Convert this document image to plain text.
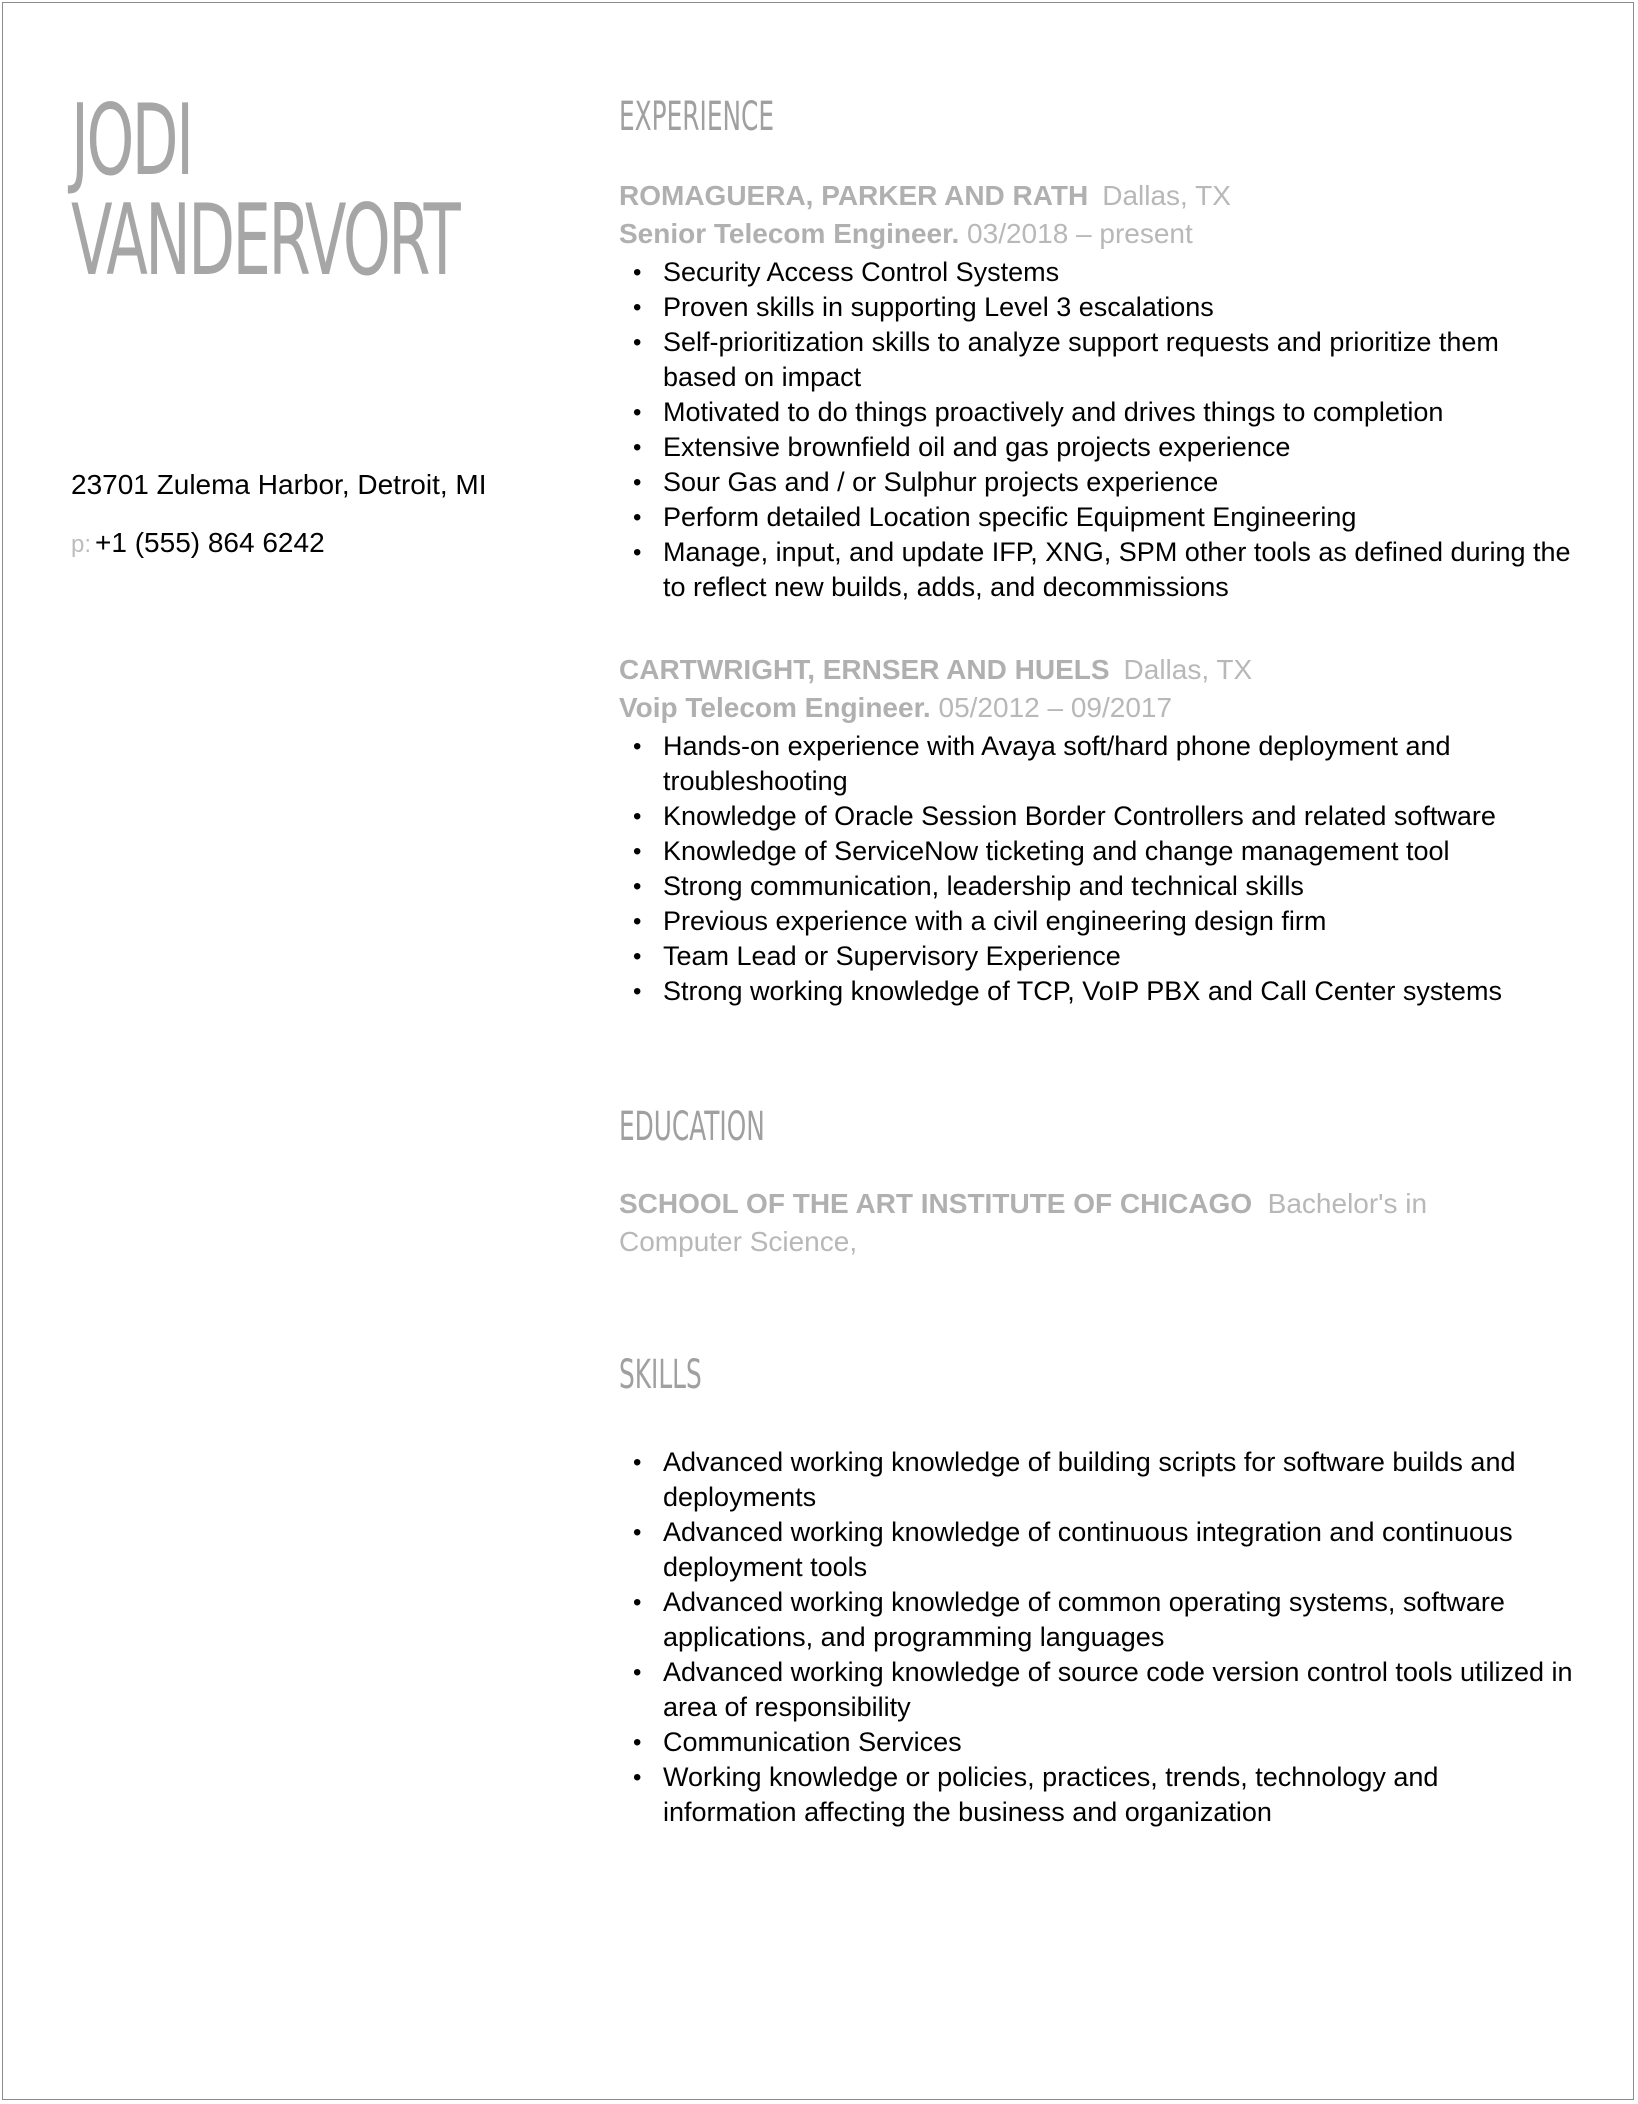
JODI
VANDERVORT
23701 Zulema Harbor, Detroit, MI
p: +1 (555) 864 6242
EXPERIENCE
ROMAGUERA, PARKER AND RATH Dallas, TX
Senior Telecom Engineer. 03/2018 – present
• Security Access Control Systems
• Proven skills in supporting Level 3 escalations
• Self-prioritization skills to analyze support requests and prioritize them based on impact
• Motivated to do things proactively and drives things to completion
• Extensive brownfield oil and gas projects experience
• Sour Gas and / or Sulphur projects experience
• Perform detailed Location specific Equipment Engineering
• Manage, input, and update IFP, XNG, SPM other tools as defined during the to reflect new builds, adds, and decommissions
CARTWRIGHT, ERNSER AND HUELS Dallas, TX
Voip Telecom Engineer. 05/2012 – 09/2017
• Hands-on experience with Avaya soft/hard phone deployment and troubleshooting
• Knowledge of Oracle Session Border Controllers and related software
• Knowledge of ServiceNow ticketing and change management tool
• Strong communication, leadership and technical skills
• Previous experience with a civil engineering design firm
• Team Lead or Supervisory Experience
• Strong working knowledge of TCP, VoIP PBX and Call Center systems
EDUCATION
SCHOOL OF THE ART INSTITUTE OF CHICAGO Bachelor's in Computer Science,
SKILLS
• Advanced working knowledge of building scripts for software builds and deployments
• Advanced working knowledge of continuous integration and continuous deployment tools
• Advanced working knowledge of common operating systems, software applications, and programming languages
• Advanced working knowledge of source code version control tools utilized in area of responsibility
• Communication Services
• Working knowledge or policies, practices, trends, technology and information affecting the business and organization
